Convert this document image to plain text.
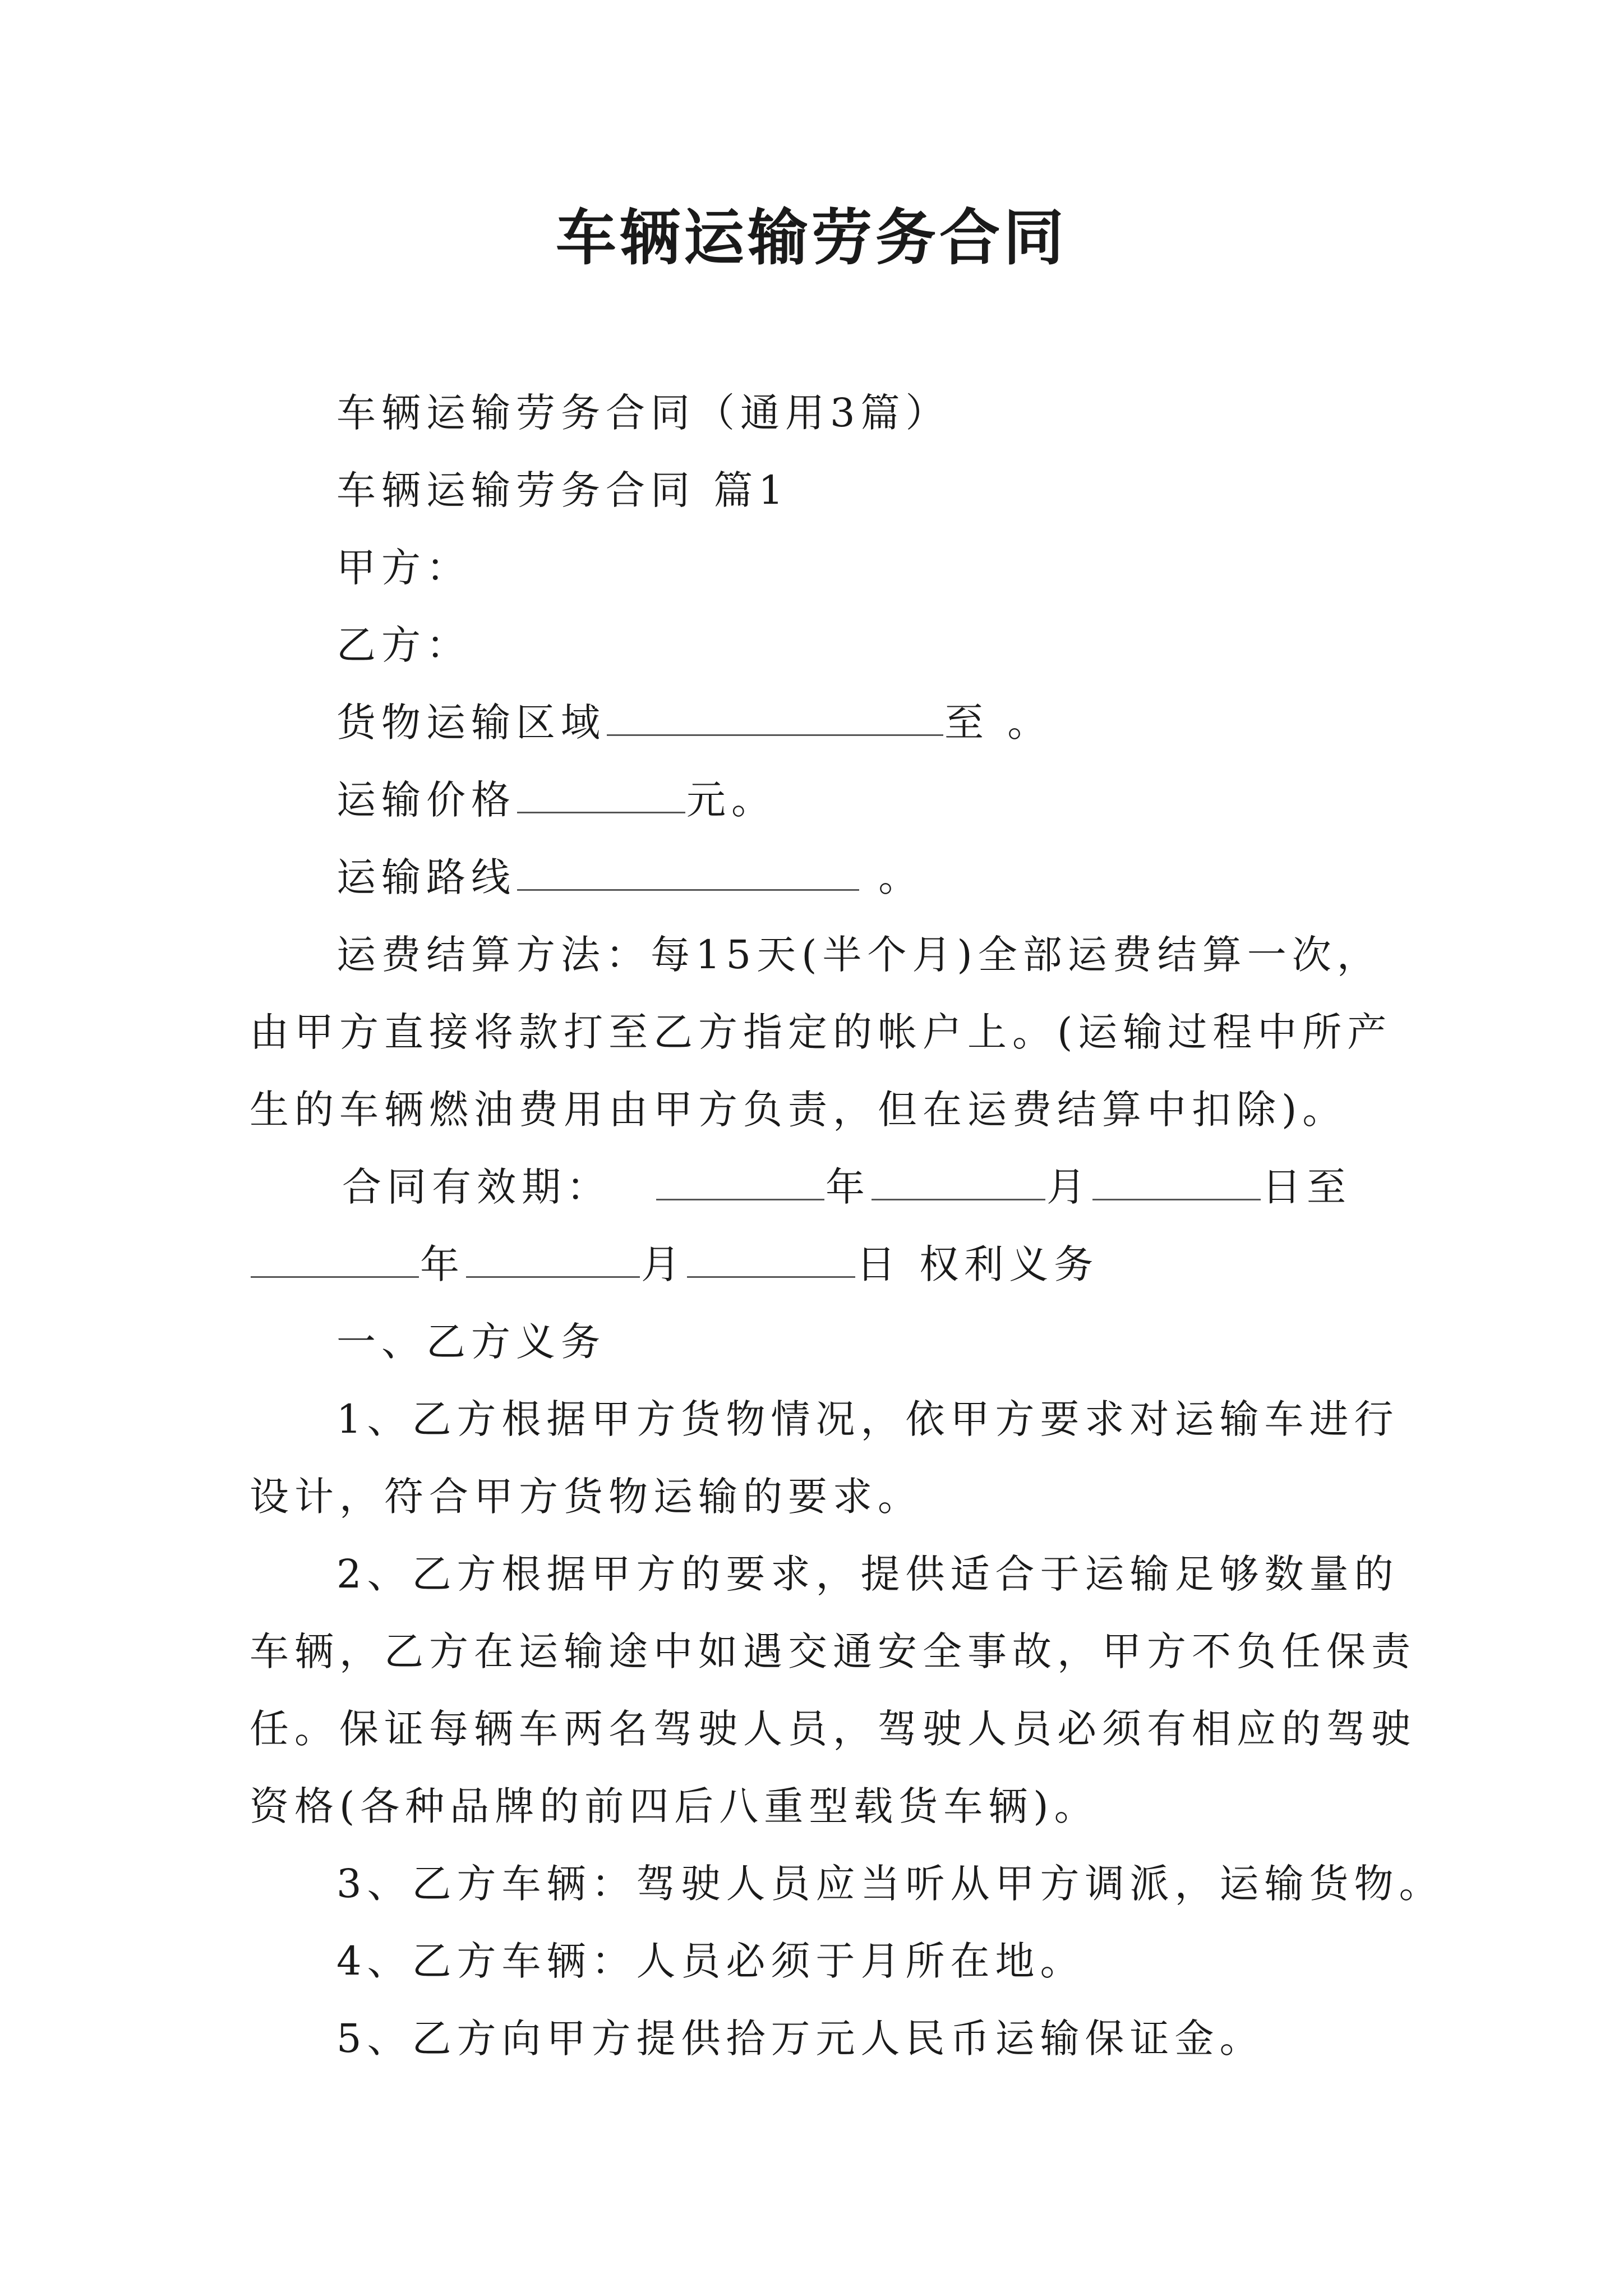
车辆运输劳务合同
车辆运输劳务合同（通用3篇）
车辆运输劳务合同 篇1
甲方：
乙方：
货物运输区域	至 。
运输价格	元。
运输路线	。
运费结算方法：每15天(半个月)全部运费结算一次，
由甲方直接将款打至乙方指定的帐户上。(运输过程中所产
生的车辆燃油费用由甲方负责，但在运费结算中扣除)。
合同有效期：	年	月	日至
年	月	日 权利义务
一、乙方义务
1、乙方根据甲方货物情况，依甲方要求对运输车进行
设计，符合甲方货物运输的要求。
2、乙方根据甲方的要求，提供适合于运输足够数量的
车辆，乙方在运输途中如遇交通安全事故，甲方不负任保责
任。保证每辆车两名驾驶人员，驾驶人员必须有相应的驾驶
资格(各种品牌的前四后八重型载货车辆)。
3、乙方车辆：驾驶人员应当听从甲方调派，运输货物。
4、乙方车辆：人员必须于月所在地。
5、乙方向甲方提供拾万元人民币运输保证金。
